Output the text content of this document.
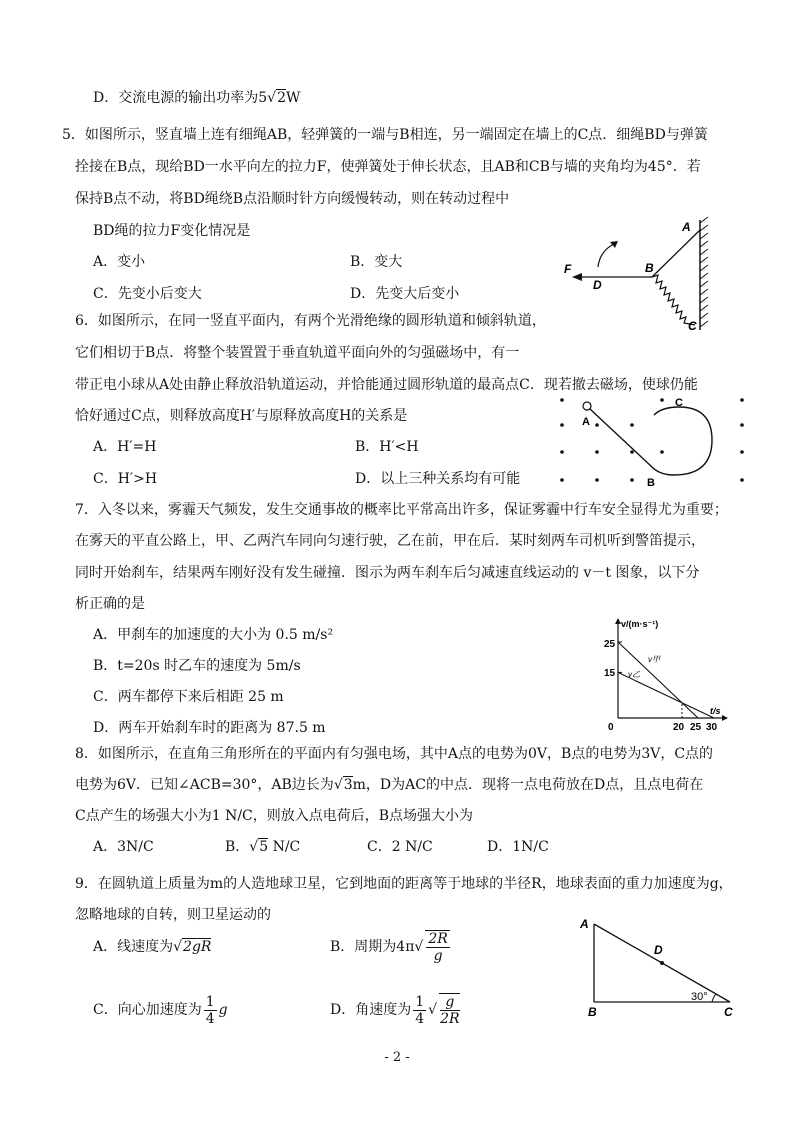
D．交流电源的输出功率为5√2W
5．如图所示，竖直墙上连有细绳AB，轻弹簧的一端与B相连，另一端固定在墙上的C点．细绳BD与弹簧
拴接在B点，现给BD一水平向左的拉力F，使弹簧处于伸长状态，且AB和CB与墙的夹角均为45°．若
保持B点不动，将BD绳绕B点沿顺时针方向缓慢转动，则在转动过程中
BD绳的拉力F变化情况是
A．变小	B．变大
C．先变小后变大	D．先变大后变小
A
B
C
D
F
6．如图所示，在同一竖直平面内，有两个光滑绝缘的圆形轨道和倾斜轨道，
它们相切于B点．将整个装置置于垂直轨道平面向外的匀强磁场中，有一
带正电小球从A处由静止释放沿轨道运动，并恰能通过圆形轨道的最高点C．现若撤去磁场，使球仍能
恰好通过C点，则释放高度H′与原释放高度H的关系是
A．H′=H	B．H′<H
C．H′>H	D．以上三种关系均有可能
A
B
C
7．入冬以来，雾霾天气频发，发生交通事故的概率比平常高出许多，保证雾霾中行车安全显得尤为重要；
在雾天的平直公路上，甲、乙两汽车同向匀速行驶，乙在前，甲在后．某时刻两车司机听到警笛提示，
同时开始刹车，结果两车刚好没有发生碰撞．图示为两车刹车后匀减速直线运动的 v－t 图象，以下分
析正确的是
A．甲刹车的加速度的大小为 0.5 m/s²
B．t=20s 时乙车的速度为 5m/s
C．两车都停下来后相距 25 m
D．两车开始刹车时的距离为 87.5 m
v/(m·s⁻¹)
t/s
25
15
0	20 25 30
v甲
v乙
8．如图所示，在直角三角形所在的平面内有匀强电场，其中A点的电势为0V，B点的电势为3V，C点的
电势为6V．已知∠ACB=30°，AB边长为√3m，D为AC的中点．现将一点电荷放在D点，且点电荷在
C点产生的场强大小为1 N/C，则放入点电荷后，B点场强大小为
A．3N/C	B．√5 N/C	C．2 N/C	D．1N/C
9．在圆轨道上质量为m的人造地球卫星，它到地面的距离等于地球的半径R，地球表面的重力加速度为g，
忽略地球的自转，则卫星运动的
A．线速度为√2gR	B．周期为$4\pi√ \frac{2R}{g}$
C．向心加速度为 $\frac{1}{4}$ g	D．角速度为 $\frac{1}{4}$ √ $\frac{g}{2R}$
A
B	C
D
30°
- 2 -
